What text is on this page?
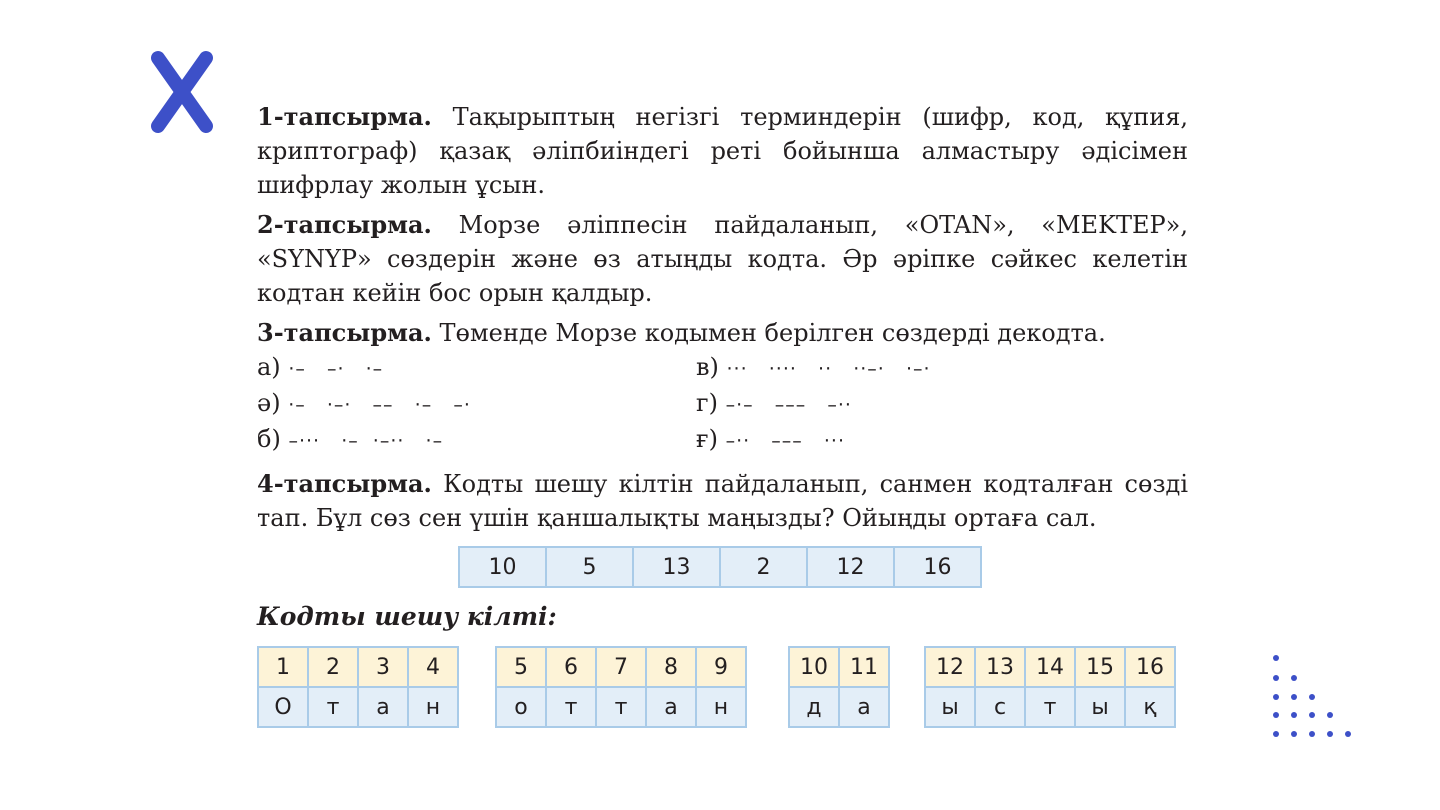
1-тапсырма. Тақырыптың негізгі терминдерін (шифр, код, құпия, криптограф) қазақ әліпбиіндегі реті бойынша алмастыру әдісімен шифрлау жолын ұсын.

2-тапсырма. Морзе әліппесін пайдаланып, «OTAN», «MEKTEP», «SYNYP» сөздерін және өз атыңды кодта. Әр әріпке сәйкес келетін кодтан кейін бос орын қалдыр.

3-тапсырма. Төменде Морзе кодымен берілген сөздерді декодта.

а) ·–   –·   ·–	в) ···   ····   ··   ··–·   ·–·
ә) ·–   ·–·   ––   ·–   –·	г) –·–   –––   –··
б) –···   ·–  ·–··   ·–	ғ) –··   –––   ···

4-тапсырма. Кодты шешу кілтін пайдаланып, санмен кодталған сөзді тап. Бұл сөз сен үшін қаншалықты маңызды? Ойыңды ортаға сал.

10	5	13	2	12	16
Кодты шешу кілті:
1	2	3	4
О	т	а	н
5	6	7	8	9
о	т	т	а	н
10	11
д	а
12	13	14	15	16
ы	с	т	ы	қ
